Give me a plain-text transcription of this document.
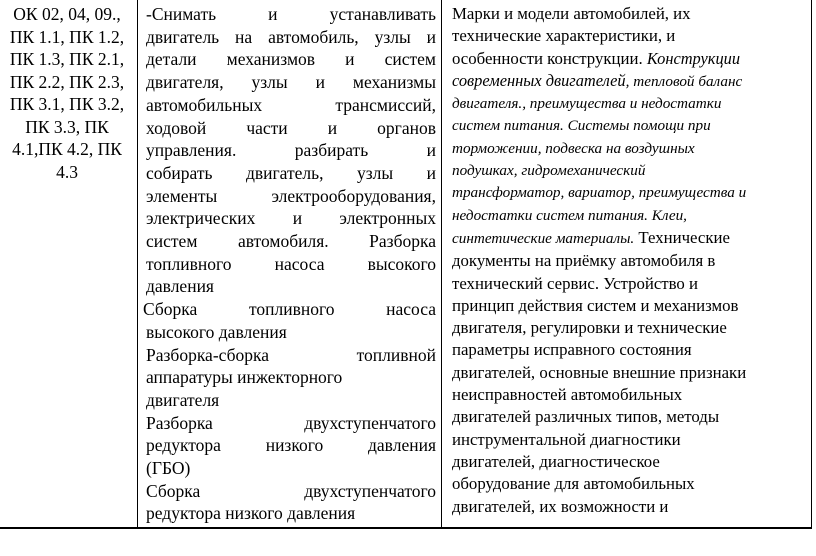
ОК 02, 04, 09.,
ПК 1.1, ПК 1.2,
ПК 1.3, ПК 2.1,
ПК 2.2, ПК 2.3,
ПК 3.1, ПК 3.2,
ПК 3.3, ПК
4.1,ПК 4.2, ПК
4.3
-Снимать и устанавливать
двигатель на автомобиль, узлы и
детали механизмов и систем
двигателя, узлы и механизмы
автомобильных трансмиссий,
ходовой части и органов
управления. разбирать и
собирать двигатель, узлы и
элементы электрооборудования,
электрических и электронных
систем автомобиля. Разборка
топливного насоса высокого
давления
Сборка топливного насоса
высокого давления
Разборка-сборка топливной
аппаратуры инжекторного
двигателя
Разборка двухступенчатого
редуктора низкого давления
(ГБО)
Сборка двухступенчатого
редуктора низкого давления
Марки и модели автомобилей, их
технические характеристики, и
особенности конструкции. Конструкции
современных двигателей, тепловой баланс
двигателя., преимущества и недостатки
систем питания. Системы помощи при
торможении, подвеска на воздушных
подушках, гидромеханический
трансформатор, вариатор, преимущества и
недостатки систем питания. Клеи,
синтетические материалы. Технические
документы на приёмку автомобиля в
технический сервис. Устройство и
принцип действия систем и механизмов
двигателя, регулировки и технические
параметры исправного состояния
двигателей, основные внешние признаки
неисправностей автомобильных
двигателей различных типов, методы
инструментальной диагностики
двигателей, диагностическое
оборудование для автомобильных
двигателей, их возможности и
